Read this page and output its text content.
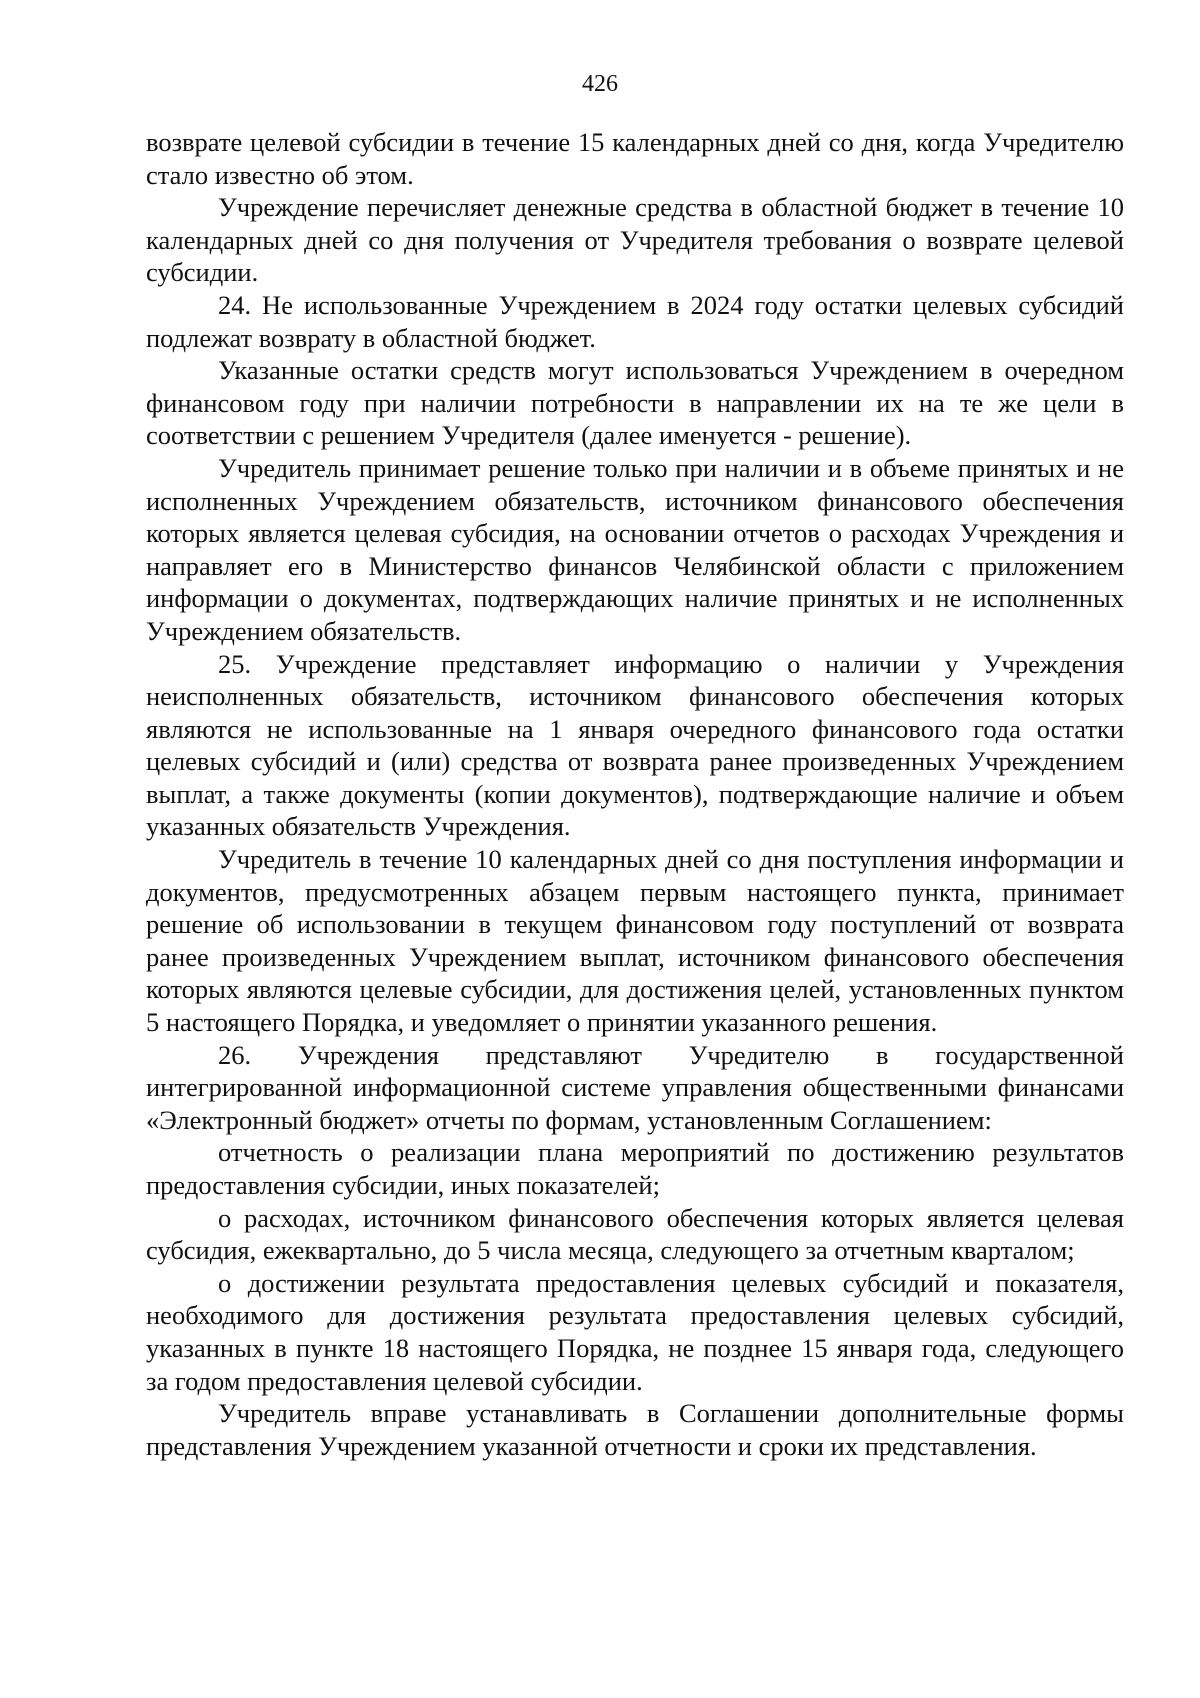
426

возврате целевой субсидии в течение 15 календарных дней со дня, когда Учредителю стало известно об этом.

Учреждение перечисляет денежные средства в областной бюджет в течение 10 календарных дней со дня получения от Учредителя требования о возврате целевой субсидии.

24. Не использованные Учреждением в 2024 году остатки целевых субсидий подлежат возврату в областной бюджет.

Указанные остатки средств могут использоваться Учреждением в очередном финансовом году при наличии потребности в направлении их на те же цели в соответствии с решением Учредителя (далее именуется - решение).

Учредитель принимает решение только при наличии и в объеме принятых и не исполненных Учреждением обязательств, источником финансового обеспечения которых является целевая субсидия, на основании отчетов о расходах Учреждения и направляет его в Министерство финансов Челябинской области с приложением информации о документах, подтверждающих наличие принятых и не исполненных Учреждением обязательств.

25. Учреждение представляет информацию о наличии у Учреждения неисполненных обязательств, источником финансового обеспечения которых являются не использованные на 1 января очередного финансового года остатки целевых субсидий и (или) средства от возврата ранее произведенных Учреждением выплат, а также документы (копии документов), подтверждающие наличие и объем указанных обязательств Учреждения.

Учредитель в течение 10 календарных дней со дня поступления информации и документов, предусмотренных абзацем первым настоящего пункта, принимает решение об использовании в текущем финансовом году поступлений от возврата ранее произведенных Учреждением выплат, источником финансового обеспечения которых являются целевые субсидии, для достижения целей, установленных пунктом 5 настоящего Порядка, и уведомляет о принятии указанного решения.

26. Учреждения представляют Учредителю в государственной интегрированной информационной системе управления общественными финансами «Электронный бюджет» отчеты по формам, установленным Соглашением:

отчетность о реализации плана мероприятий по достижению результатов предоставления субсидии, иных показателей;

о расходах, источником финансового обеспечения которых является целевая субсидия, ежеквартально, до 5 числа месяца, следующего за отчетным кварталом;

о достижении результата предоставления целевых субсидий и показателя, необходимого для достижения результата предоставления целевых субсидий, указанных в пункте 18 настоящего Порядка, не позднее 15 января года, следующего за годом предоставления целевой субсидии.

Учредитель вправе устанавливать в Соглашении дополнительные формы представления Учреждением указанной отчетности и сроки их представления.
